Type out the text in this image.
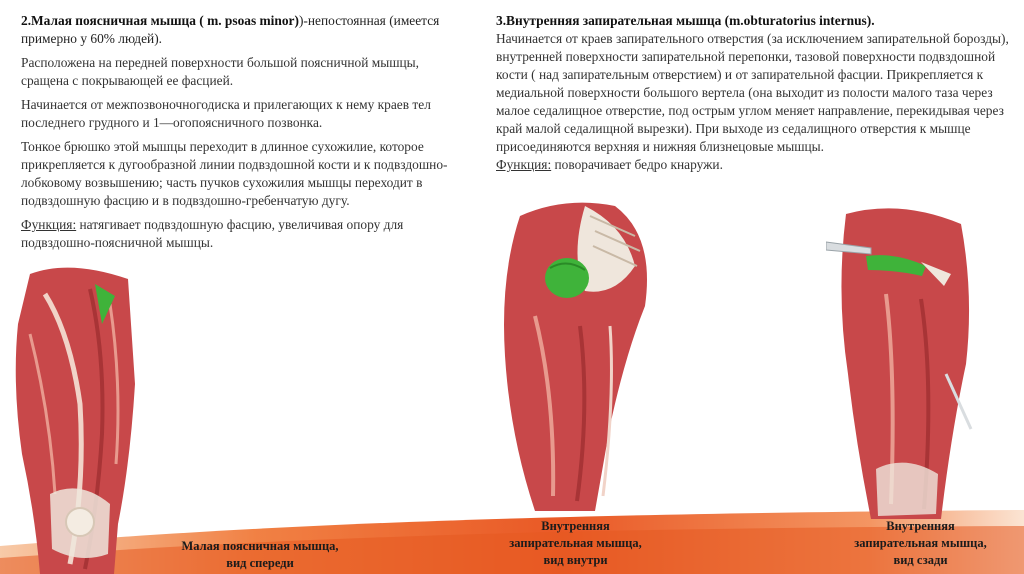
2.Малая поясничная мышца ( m. psoas minor))-непостоянная (имеется примерно у 60% людей).

Расположена на передней поверхности большой поясничной мышцы, сращена с покрывающей ее фасцией.

Начинается от межпозвоночногодиска и прилегающих к нему краев тел последнего грудного и 1—огопоясничного позвонка.

Тонкое брюшко этой мышцы переходит в длинное сухожилие, которое прикрепляется к дугообразной линии подвздошной кости и к подвздошно-лобковому возвышению; часть пучков сухожилия мышцы переходит в подвздошную фасцию и в подвздошно-гребенчатую дугу.

Функция: натягивает подвздошную фасцию, увеличивая опору для подвздошно-поясничной мышцы.

3.Внутренняя запирательная мышца (m.obturatorius internus).

Начинается от краев запирательного отверстия (за исключением запирательной борозды), внутренней поверхности запирательной перепонки, тазовой поверхности подвздошной кости ( над запирательным отверстием) и от запирательной фасции. Прикрепляется к медиальной поверхности большого вертела (она выходит из полости малого таза через малое седалищное отверстие, под острым углом меняет направление, перекидывая через край малой седалищной вырезки). При выходе из седалищного отверстия к мышце присоединяются верхняя и нижняя близнецовые мышцы.

Функция: поворачивает бедро кнаружи.

Малая поясничная мышца,
вид спереди
Внутренняя
запирательная мышца,
вид внутри
Внутренняя
запирательная мышца,
вид сзади
